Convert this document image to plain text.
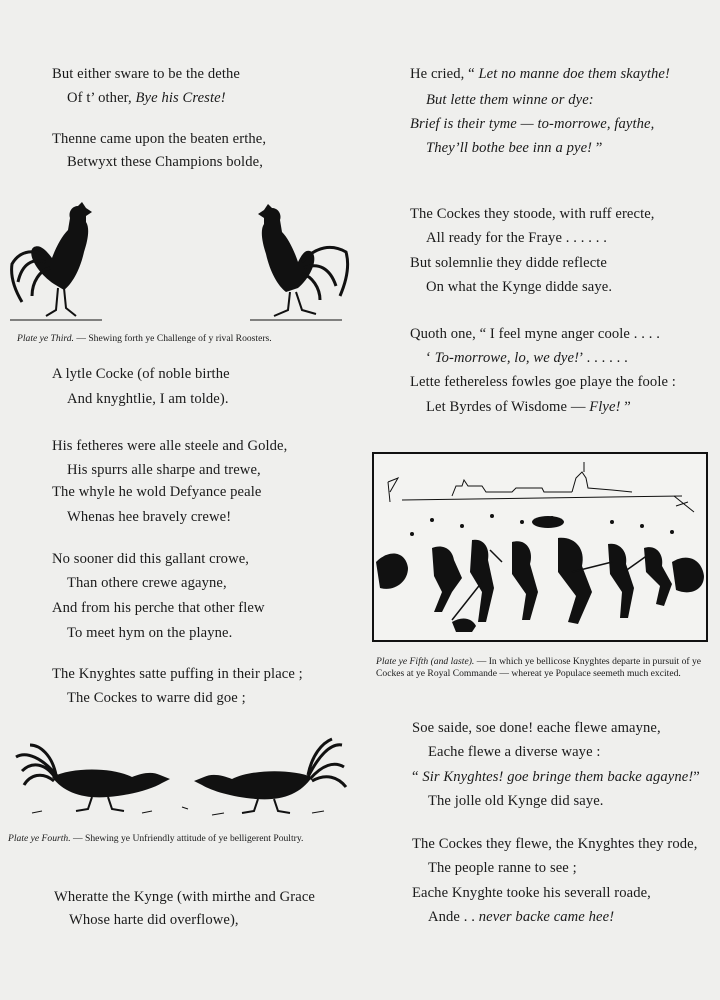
But either sware to be the dethe
Of t’ other, Bye his Creste!
Thenne came upon the beaten erthe,
Betwyxt these Champions bolde,
Plate ye Third. — Shewing forth ye Challenge of y rival Roosters.
A lytle Cocke (of noble birthe
And knyghtlie, I am tolde).
His fetheres were alle steele and Golde,
His spurrs alle sharpe and trewe,
The whyle he wold Defyance peale
Whenas hee bravely crewe!
No sooner did this gallant crowe,
Than othere crewe agayne,
And from his perche that other flew
To meet hym on the playne.
The Knyghtes satte puffing in their place ;
The Cockes to warre did goe ;
Plate ye Fourth. — Shewing ye Unfriendly attitude of ye belligerent Poultry.
Wheratte the Kynge (with mirthe and Grace
Whose harte did overflowe),
He cried, “ Let no manne doe them skaythe!
But lette them winne or dye:
Brief is their tyme — to-morrowe, faythe,
They’ll bothe bee inn a pye! ”
The Cockes they stoode, with ruff erecte,
All ready for the Fraye . . . . . .
But solemnlie they didde reflecte
On what the Kynge didde saye.
Quoth one, “ I feel myne anger coole . . . .
‘ To-morrowe, lo, we dye!’ . . . . . .
Lette fethereless fowles goe playe the foole :
Let Byrdes of Wisdome — Flye! ”
Plate ye Fifth (and laste). — In which ye bellicose Knyghtes departe in pursuit of ye Cockes at ye Royal Commande — whereat ye Populace seemeth much excited.
Soe saide, soe done! eache flewe amayne,
Eache flewe a diverse waye :
“ Sir Knyghtes! goe bringe them backe agayne!”
The jolle old Kynge did saye.
The Cockes they flewe, the Knyghtes they rode,
The people ranne to see ;
Eache Knyghte tooke his severall roade,
Ande . . never backe came hee!
